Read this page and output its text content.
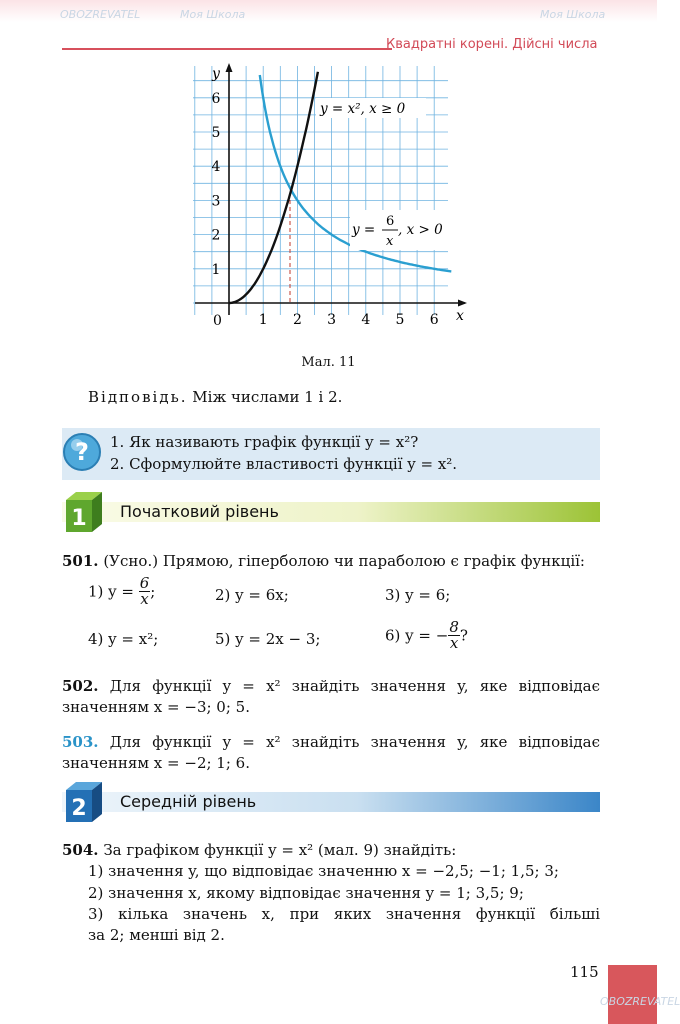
Квадратні корені. Дійсні числа
y
x
0	1 2 3 4 5 6
1
2
3
4
5
6
y = x², x ≥ 0
y =
6
x
, x > 0
Мал. 11
Відповідь. Між числами 1 і 2.
? 1. Як називають графік функції y = x²?
2. Сформулюйте властивості функції y = x².
1 Початковий рівень
501. (Усно.) Прямою, гіперболою чи параболою є графік функції:
1) $y = \frac{6}{x}$ ;	2) y = 6x;	3) y = 6;
4) y = x²;	5) y = 2x − 3;	6) y = − $\frac{8}{x}$ ?
502. Для функції y = x² знайдіть значення y, яке відповідає
значенням x = −3; 0; 5.
503. Для функції y = x² знайдіть значення y, яке відповідає
значенням x = −2; 1; 6.
2 Середній рівень
504. За графіком функції y = x² (мал. 9) знайдіть:
1) значення y, що відповідає значенню x = −2,5; −1; 1,5; 3;
2) значення x, якому відповідає значення y = 1; 3,5; 9;
3) кілька значень x, при яких значення функції більші
за 2; менші від 2.
115
OBOZREVATEL	Моя Школа	Моя Школа
OBOZREVATEL
